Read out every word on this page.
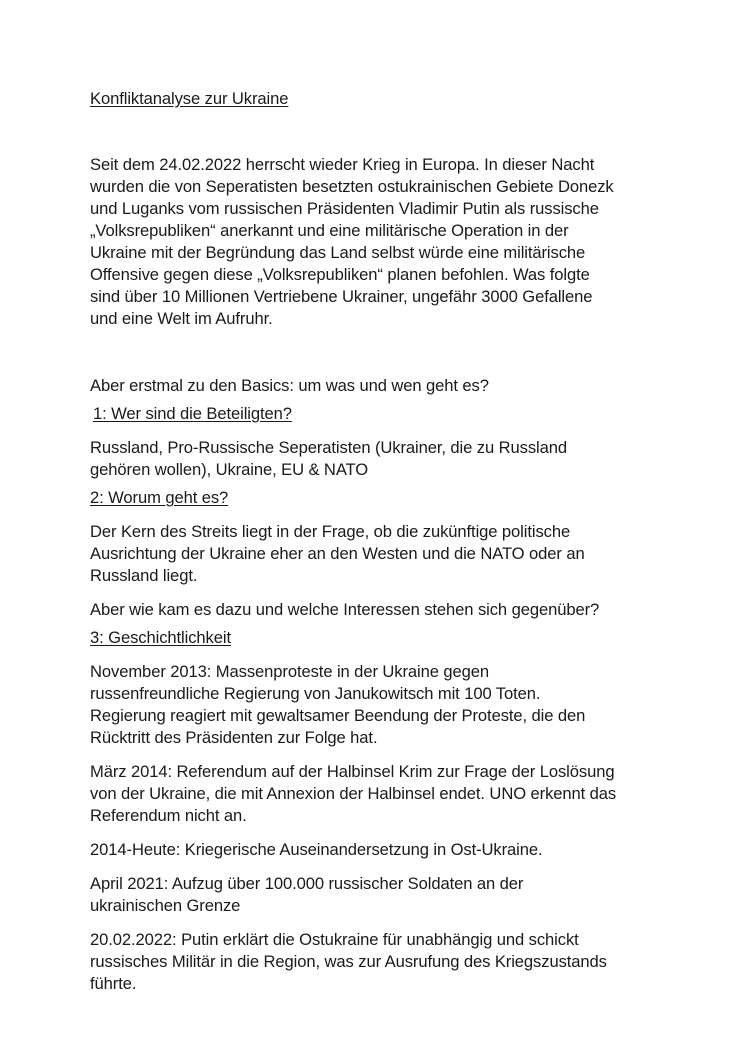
Konfliktanalyse zur Ukraine

Seit dem 24.02.2022 herrscht wieder Krieg in Europa. In dieser Nacht

wurden die von Seperatisten besetzten ostukrainischen Gebiete Donezk

und Luganks vom russischen Präsidenten Vladimir Putin als russische

„Volksrepubliken“ anerkannt und eine militärische Operation in der

Ukraine mit der Begründung das Land selbst würde eine militärische

Offensive gegen diese „Volksrepubliken“ planen befohlen. Was folgte

sind über 10 Millionen Vertriebene Ukrainer, ungefähr 3000 Gefallene

und eine Welt im Aufruhr.

Aber erstmal zu den Basics: um was und wen geht es?

1: Wer sind die Beteiligten?

Russland, Pro-Russische Seperatisten (Ukrainer, die zu Russland

gehören wollen), Ukraine, EU & NATO

2: Worum geht es?

Der Kern des Streits liegt in der Frage, ob die zukünftige politische

Ausrichtung der Ukraine eher an den Westen und die NATO oder an

Russland liegt.

Aber wie kam es dazu und welche Interessen stehen sich gegenüber?

3: Geschichtlichkeit

November 2013: Massenproteste in der Ukraine gegen

russenfreundliche Regierung von Janukowitsch mit 100 Toten.

Regierung reagiert mit gewaltsamer Beendung der Proteste, die den

Rücktritt des Präsidenten zur Folge hat.

März 2014: Referendum auf der Halbinsel Krim zur Frage der Loslösung

von der Ukraine, die mit Annexion der Halbinsel endet. UNO erkennt das

Referendum nicht an.

2014-Heute: Kriegerische Auseinandersetzung in Ost-Ukraine.

April 2021: Aufzug über 100.000 russischer Soldaten an der

ukrainischen Grenze

20.02.2022: Putin erklärt die Ostukraine für unabhängig und schickt

russisches Militär in die Region, was zur Ausrufung des Kriegszustands

führte.
